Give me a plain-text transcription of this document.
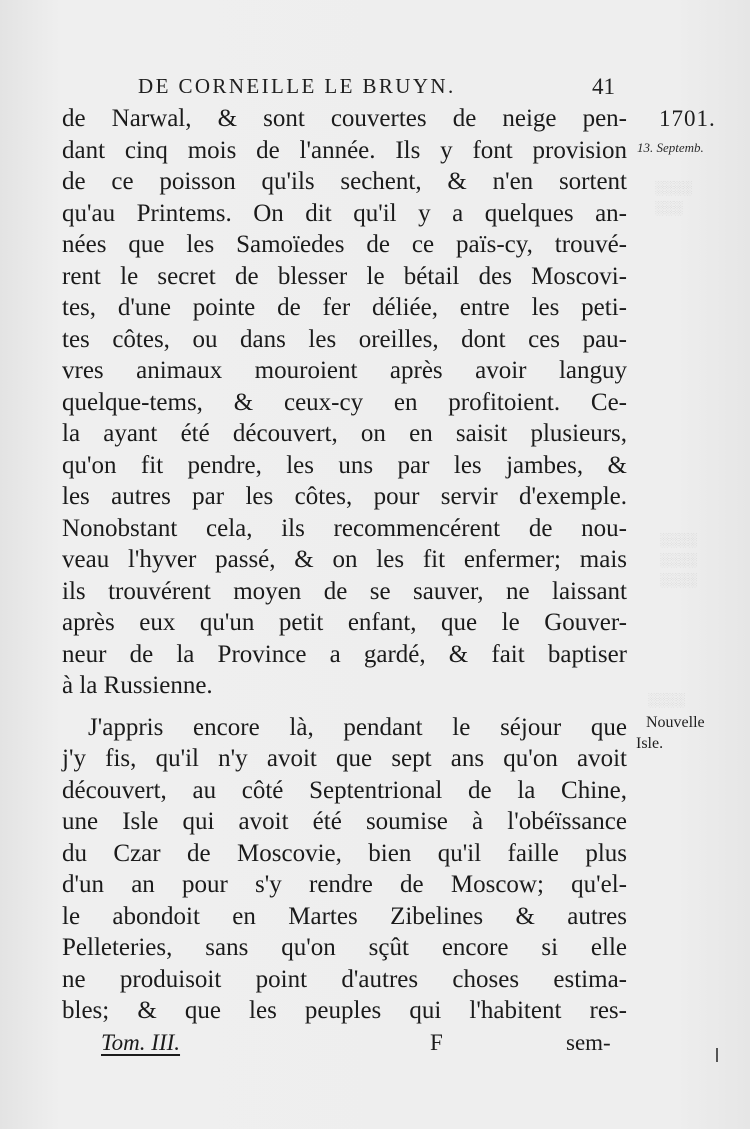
░░░░
░░░
░░░░
░░░░
░░░░
░░░░
DE CORNEILLE LE BRUYN.	41
1701.
13. Septemb.
Nouvelle
Isle.
de Narwal, & sont couvertes de neige pen-
dant cinq mois de l'année. Ils y font provision
de ce poisson qu'ils sechent, & n'en sortent
qu'au Printems. On dit qu'il y a quelques an-
nées que les Samoïedes de ce païs-cy, trouvé-
rent le secret de blesser le bétail des Moscovi-
tes, d'une pointe de fer déliée, entre les peti-
tes côtes, ou dans les oreilles, dont ces pau-
vres animaux mouroient après avoir languy
quelque-tems, & ceux-cy en profitoient. Ce-
la ayant été découvert, on en saisit plusieurs,
qu'on fit pendre, les uns par les jambes, &
les autres par les côtes, pour servir d'exemple.
Nonobstant cela, ils recommencérent de nou-
veau l'hyver passé, & on les fit enfermer; mais
ils trouvérent moyen de se sauver, ne laissant
après eux qu'un petit enfant, que le Gouver-
neur de la Province a gardé, & fait baptiser
à la Russienne.
J'appris encore là, pendant le séjour que
j'y fis, qu'il n'y avoit que sept ans qu'on avoit
découvert, au côté Septentrional de la Chine,
une Isle qui avoit été soumise à l'obéïssance
du Czar de Moscovie, bien qu'il faille plus
d'un an pour s'y rendre de Moscow; qu'el-
le abondoit en Martes Zibelines & autres
Pelleteries, sans qu'on sçût encore si elle
ne produisoit point d'autres choses estima-
bles; & que les peuples qui l'habitent res-
Tom. III.	F	sem-
